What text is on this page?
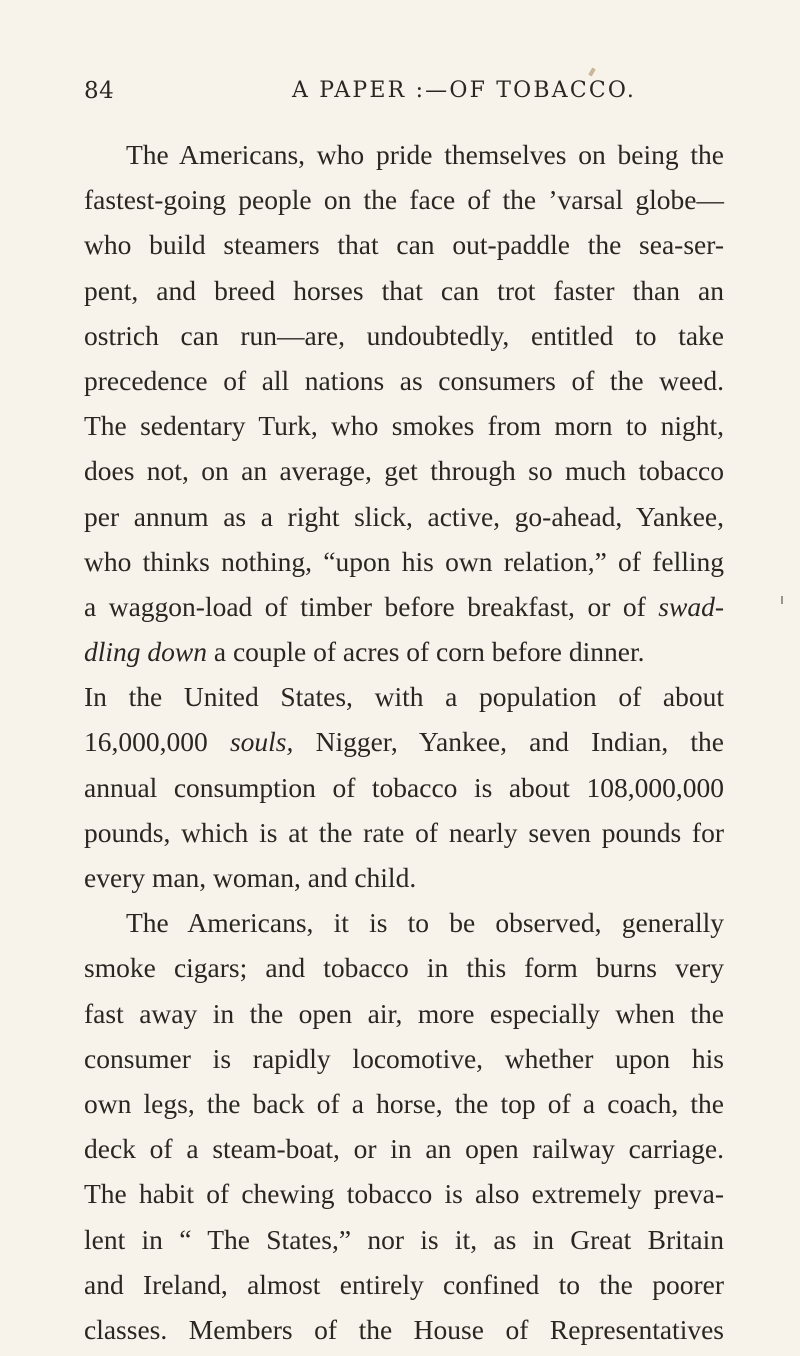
84	A PAPER :—OF TOBACCO.
The Americans, who pride themselves on being the
fastest-going people on the face of the ’varsal globe—
who build steamers that can out-paddle the sea-ser-
pent, and breed horses that can trot faster than an
ostrich can run—are, undoubtedly, entitled to take
precedence of all nations as consumers of the weed.
The sedentary Turk, who smokes from morn to night,
does not, on an average, get through so much tobacco
per annum as a right slick, active, go-ahead, Yankee,
who thinks nothing, “upon his own relation,” of felling
a waggon-load of timber before breakfast, or of swad-
dling down a couple of acres of corn before dinner.
In the United States, with a population of about
16,000,000 souls, Nigger, Yankee, and Indian, the
annual consumption of tobacco is about 108,000,000
pounds, which is at the rate of nearly seven pounds for
every man, woman, and child.
The Americans, it is to be observed, generally
smoke cigars; and tobacco in this form burns very
fast away in the open air, more especially when the
consumer is rapidly locomotive, whether upon his
own legs, the back of a horse, the top of a coach, the
deck of a steam-boat, or in an open railway carriage.
The habit of chewing tobacco is also extremely preva-
lent in “ The States,” nor is it, as in Great Britain
and Ireland, almost entirely confined to the poorer
classes. Members of the House of Representatives
